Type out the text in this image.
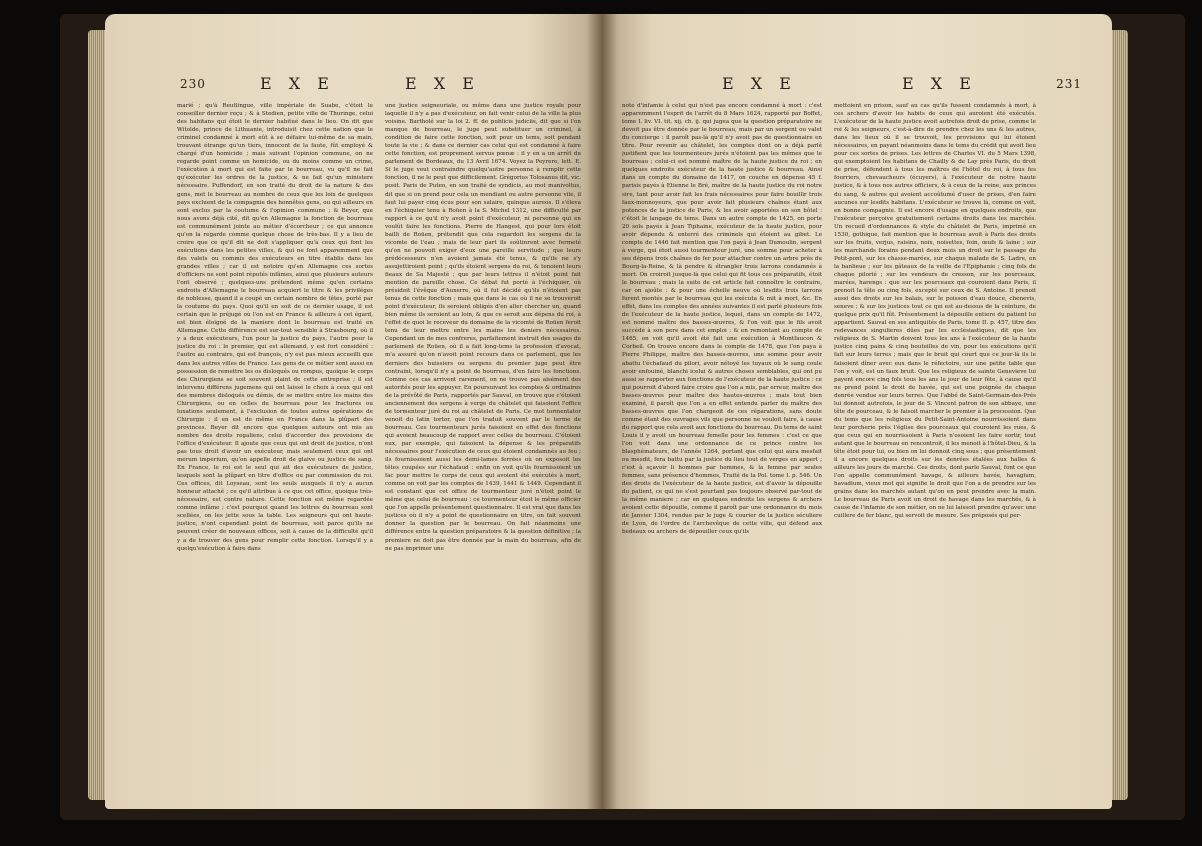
230	E X E	E X E
marié ; qu'à Reutlingue, ville impériale de Suabe, c'étoit le conseiller dernier reçu ; & à Stedien, petite ville de Thuringe, celui des habitans qui étoit le dernier habitué dans le lieu. On dit que Witolde, prince de Lithuanie, introduisit chez cette nation que le criminel condamné à mort eût à se défaire lui-même de sa main, trouvant étrange qu'un tiers, innocent de la faute, fût employé & chargé d'un homicide ; mais suivant l'opinion commune, on ne regarde point comme un homicide, ou du moins comme un crime, l'exécution à mort qui est faite par le bourreau, vu qu'il ne fait qu'exécuter les ordres de la justice, & ne fait qu'un ministere nécessaire. Puffendorf, en son traité du droit de la nature & des gens, met le bourreau au nombre de ceux que les loix de quelques pays excluent de la compagnie des honnêtes gens, ou qui ailleurs en sont exclus par la coutume & l'opinion commune ; & Beyer, que nous avons déjà cité, dit qu'en Allemagne la fonction de bourreau est communément jointe au métier d'écorcheur ; ce qui annonce qu'on la regarde comme quelque chose de très-bas. Il y a lieu de croire que ce qu'il dit ne doit s'appliquer qu'à ceux qui font les exécutions dans les petites villes, & qui ne font apparemment que des valets ou commis des exécuteurs en titre établis dans les grandes villes ; car il est notoire qu'en Allemagne ces sortes d'officiers ne sont point réputés infâmes, ainsi que plusieurs auteurs l'ont observé ; quelques-uns prétendent même qu'en certains endroits d'Allemagne le bourreau acquiert le titre & les priviléges de noblesse, quand il a coupé un certain nombre de têtes, porté par la coutume du pays. Quoi qu'il en soit de ce dernier usage, il est certain que le préjugé où l'on est en France & ailleurs à cet égard, est bien éloigné de la maniere dont le bourreau est traité en Allemagne. Cette différence est sur-tout sensible à Strasbourg, où il y a deux exécuteurs, l'un pour la justice du pays, l'autre pour la justice du roi : le premier, qui est allemand, y est fort considéré : l'autre au contraire, qui est françois, n'y est pas mieux accueilli que dans les autres villes de France. Les gens de ce métier sont aussi en possession de remettre les os disloqués ou rompus, quoique le corps des Chirurgiens se soit souvent plaint de cette entreprise ; il est intervenu différens jugemens qui ont laissé le choix à ceux qui ont des membres disloqués ou démis, de se mettre entre les mains des Chirurgiens, ou en celles du bourreau pour les fractures ou luxations seulement, à l'exclusion de toutes autres opérations de Chirurgie : il en est de même en France dans la plûpart des provinces. Beyer dit encore que quelques auteurs ont mis au nombre des droits regaliens, celui d'accorder des provisions de l'office d'exécuteur. Il ajoute que ceux qui ont droit de justice, n'ont pas tous droit d'avoir un exécuteur, mais seulement ceux qui ont merum imperium, qu'on appelle droit de glaive ou justice de sang. En France, le roi est le seul qui ait des exécuteurs de justice, lesquels sont la plûpart en titre d'office ou par commission du roi. Ces offices, dit Loyseau, sont les seuls auxquels il n'y a aucun honneur attaché ; ce qu'il attribue à ce que cet office, quoique très-nécessaire, est contre nature. Cette fonction est même regardée comme infâme ; c'est pourquoi quand les lettres du bourreau sont scellées, on les jette sous la table. Les seigneurs qui ont haute-justice, n'ont cependant point de bourreau, soit parce qu'ils ne peuvent créer de nouveaux offices, soit à cause de la difficulté qu'il y a de trouver des gens pour remplir cette fonction. Lorsqu'il y a quelqu'exécution à faire dans
une justice seigneuriale, ou même dans une justice royale pour laquelle il n'y a pas d'exécuteur, on fait venir celui de la ville la plus voisine. Bartholé sur la loi 2. ff. de publicis judiciis, dit que si l'on manque de bourreau, le juge peut substituer un criminel, à condition de faire cette fonction, soit pour un tems, soit pendant toute la vie ; & dans ce dernier cas celui qui est condamné à faire cette fonction, est proprement servus pœnæ : il y en a un arrêt du parlement de Bordeaux, du 13 Avril 1674. Voyez la Peyrere, lett. E. Si le juge veut contraindre quelqu'autre personne à remplir cette fonction, il ne le peut que difficilement. Grégorius Tolosanus dit, vic. posit. Paris de Puteo, en son traité de syndicis, au mot manivoltus, dit que si on prend pour cela un mendiant ou autre personne vile, il faut lui payer cinq écus pour son salaire, quinque aureos. Il s'éleva en l'échiquier tenu à Roüen à la S. Michel 1312, une difficulté par rapport à ce qu'il n'y avoit point d'exécuteur, ni personne qui en voulût faire les fonctions. Pierre de Hangest, qui pour lors étoit bailli de Roüen, prétendit que cela regardoit les sergens de la vicomte de l'eau ; mais de leur part ils soûtinrent avec fermeté qu'on ne pouvoit exiger d'eux une pareille servitude ; que leurs prédécesseurs n'en avoient jamais été tenus, & qu'ils ne s'y assujettiroient point ; qu'ils étoient sergens du roi, & tenoient leurs fieaux de Sa Majesté ; que par leurs lettres il n'étoit point fait mention de pareille chose. Ce débat fut porté à l'échiquier, où présidoit l'évêque d'Auxerre, où il fut décidé qu'ils n'étoient pas tenus de cette fonction ; mais que dans le cas où il ne se trouveroit point d'exécuteur, ils seroient obligés d'en aller chercher un, quand bien même ils seroient au loin, & que ce seroit aux dépens du roi, à l'effet de quoi le receveur du domaine de la vicomté de Roüen feroit tenu de leur mettre entre les mains les deniers nécessaires. Cependant un de mes confreres, parfaitement instruit des usages du parlement de Roüen, où il a fait long-tems la profession d'avocat, m'a assuré qu'on n'avoit point recours dans ce parlement, que les derniers des huissiers ou sergens du premier juge peut être contraint, lorsqu'il n'y a point de bourreau, d'en faire les fonctions. Comme ces cas arrivent rarement, on ne trouve pas aisément des autorités pour les appuyer. En poursuivant les comptes & ordinaires de la prévôté de Paris, rapportés par Sauval, on trouve que c'étoient anciennement des sergens à verge du châtelet qui faisoient l'office de tormenteur juré du roi au châtelet de Paris. Ce mot tormentator venoit du latin tortor, que l'on traduit souvent par le terme de bourreau. Ces tourmenteurs jurés faisoient en effet des fonctions qui avoient beaucoup de rapport avec celles du bourreau. C'étoient eux, par exemple, qui faisoient la dépense & les préparatifs nécessaires pour l'exécution de ceux qui étoient condamnés au feu ; ils fournissoient aussi les demi-lames ferrées où on exposoit les têtes coupées sur l'échafaud : enfin on voit qu'ils fournissoient un fac pour mettre le corps de ceux qui avoient été exécutés à mort, comme on voit par les comptes de 1439, 1441 & 1449. Cependant il est constant que cet office de tourmenteur juré n'étoit point le même que celui de bourreau : ce tourmenteur étoit le même officier que l'on appelle présentement questionnaire. Il est vrai que dans les justices où il n'y a point de questionnaire en titre, on fait souvent donner la question par le bourreau. On fait néanmoins une différence entre la question préparatoire & la question définitive ; la premiere ne doit pas être donnée par la main du bourreau, afin de ne pas imprimer une
E X E	E X E	231
note d'infamie à celui qui n'est pas encore condamné à mort : c'est apparemment l'esprit de l'arrêt du 8 Mars 1624, rapporté par Boffet, tome I. liv. VI. tit. xij. ch. ij. qui jugea que la question préparatoire ne devoit pas être donnée par le bourreau, mais par un sergent ou valet du concierge : il paroît pas-là qu'il n'y avoit pas de questionnaire en titre. Pour revenir au châtelet, les comptes dont on a déjà parlé justifient que les tourmenteurs jurés n'étoient pas les mêmes que le bourreau ; celui-ci est nommé maître de la haute justice du roi ; en quelques endroits exécuteur de la haute justice & bourreau. Ainsi dans un compte du domaine de 1417, on couche en dépense 45 f. parisis payés à Etienne le Bré, maître de la haute justice du roi notre sire, tant pour avoir fait les frais nécessaires pour faire bouillir trois faux-monnoyeurs, que pour avoir fait plusieurs chaînes étant aux potences de la justice de Paris, & les avoir apportées en son hôtel : c'étoit le langage du tems. Dans un autre compte de 1425, on porte 20 sols payés à Jean Tiphaine, exécuteur de la haute justice, pour avoir dépendu & enterré des criminels qui étoient au gibet. Le compte de 1446 fait mention que l'on payà à Jean Dumoulin, sergent à verge, qui étoit aussi tourmenteur juré, une somme pour acheter à ses dépens trois chaînes de fer pour attacher contre un arbre près du Bourg-la-Reine, & là pendre & étrangler trois larrons condamnés à mort. On croiroit jusque-là que celui qui fit tous ces préparatifs, étoit le bourreau ; mais la suite de cet article fait connoître le contraire, car on ajoûte : & pour une échelle neuve où lesdits trois larrons furent montés par le bourreau qui les exécuta & mit à mort, &c. En effet, dans les comptes des années suivantes il est parlé plusieurs fois de l'exécuteur de la haute justice, lequel, dans un compte de 1472, est nommé maître des basses-œuvres, & l'on voit que le fils avoit succédé à son pere dans cet emploi : & en remontant au compte de 1465, on voit qu'il avoit été fait une exécution à Montfaucon & Corbeil. On trouve encore dans le compte de 1478, que l'on paya à Pierre Philippe, maître des basses-œuvres, une somme pour avoir abattu l'échafaud du pilori, avoir nétoyé les tuyaux où le sang coule avoir enfouiné, blanchi icelui & autres choses semblables, qui ont pu aussi se rapporter aux fonctions de l'exécuteur de la haute justice : ce qui pourroit d'abord faire croire que l'on a mis, par erreur, maître des basses-œuvres pour maître des hautes-œuvres ; mais tout bien examiné, il paroît que l'on a en effet entendu parler du maître des basses-œuvres que l'on chargeoit de ces réparations, sans doute comme étant des ouvrages vils que personne ne vouloit faire, à cause du rapport que cela avoit aux fonctions du bourreau. Du tems de saint Louis il y avoit un bourreau femelle pour les femmes : c'est ce que l'on voit dans une ordonnance de ce prince contre les blasphémateurs, de l'année 1264, portant que celui qui aura mesfait ou mesdit, fera battu par la justice du lieu tout de verges en appert ; c'est à sçavoir li hommes par hommes, & la femme par seules femmes, sans présence d'hommes, Traité de la Pol. tome I. p. 546. Un des droits de l'exécuteur de la haute justice, est d'avoir la dépouille du patient, ce qui ne s'est pourtant pas toujours observé par-tout de la même maniere ; car en quelques endroits les sergens & archers avoient cette dépouille, comme il paroît par une ordonnance du mois de Janvier 1304, rendue par le juge & courier de la justice séculiere de Lyon, de l'ordre de l'archevêque de cette ville, qui défend aux bedeaux ou archers de dépouiller ceux qu'ils
mettoient en prison, sauf au cas qu'ils fussent condamnés à mort, à ces archers d'avoir les habits de ceux qui auroient été exécutés. L'exécuteur de la haute justice avoit autrefois droit de prise, comme le roi & les seigneurs, c'est-à-dire de prendre chez les uns & les autres, dans les lieux où il se trouvoit, les provisions qui lui étoient nécessaires, en payant néanmoins dans le tems du crédit qui avoit lieu pour ces sortes de prises. Les lettres de Charles VI. du 5 Mars 1398, qui exemptoient les habitans de Chailly & de Lay près Paris, du droit de prise, défendent à tous les maîtres de l'hôtel du roi, à tous fes fourriers, chevaucheurs (écuyers), à l'exécuteur de notre haute justice, & à tous nos autres officiers, & à ceux de la reine, aux princes du sang, & autres qui avoient accoûtumé d'user de prises, d'en faire aucunes sur lesdits habitans. L'exécuteur se trouve là, comme on voit, en bonne compagnie. Il est encore d'usage en quelques endroits, que l'exécuteur perçoive gratuitement certains droits dans les marchés. Un recueil d'ordonnances & style du châtelet de Paris, imprimé en 1530, gothique, fait mention que le bourreau avoit à Paris des droits sur les fruits, verjus, raisins, noix, noisettes, foin, œufs & laine ; sur les marchands forains pendant deux mois un droit sur le passage du Petit-pont, sur les chasse-marées, sur chaque malade de S. Ladre, en la banlieue ; sur les gâteaux de la veille de l'Epiphanie ; cinq fols de chaque pilorié ; sur les vendeurs de cresson, sur les pourceaux, marées, harengs : que sur les pourceaux qui couroient dans Paris, il prenoit la tête ou cinq fols, excepté sur ceux de S. Antoine. Il prenoit aussi des droits sur les balais, sur le poisson d'eau douce, chenevis, seneve ; & sur les justices tout ce qui est au-dessus de la ceinture, de quelque prix qu'il fût. Présentement la dépouille entiere du patient lui appartient. Sauval en ses antiquités de Paris, tome II. p. 457, titre des redevances singulieres dûes par les ecclésiastiques, dit que les religieux de S. Martin doivent tous les ans à l'exécuteur de la haute justice cinq pains & cinq bouteilles de vin, pour les exécutions qu'il fait sur leurs terres ; mais que le bruit qui court que ce jour-là ils le faisoient dîner avec eux dans le réfectoire, sur une petite table que l'on y voit, est un faux bruit. Que les religieux de sainte Genevieve lui payent encore cinq fols tous les ans le jour de leur fête, à cause qu'il ne prend point le droit de havée, qui est une poignée de chaque denrée vendue sur leurs terres. Que l'abbé de Saint-Germain-des-Prés lui donnoit autrefois, le jour de S. Vincent patron de son abbaye, une tête de pourceau, & le faisoit marcher le premier à la procession. Que du tems que les religieux du Petit-Saint-Antoine nourrissoient dans leur porcherie près l'église des pourceaux qui couroient les rues, & que ceux qui en nourrissoient à Paris n'osoient les faire sortir, tout autant que le bourreau en rencontroit, il les menoit à l'hôtel-Dieu, & la tête étoit pour lui, ou bien on lui donnoit cinq sous ; que présentement il a encore quelques droits sur les denrées étalées aux halles & ailleurs les jours de marché. Ces droits, dont parle Sauval, font ce que l'on appelle communément havage, & ailleurs havée, havagium, havadium, vieux mot qui signifie le droit que l'on a de prendre sur les grains dans les marchés autant qu'on en peut prendre avec la main. Le bourreau de Paris avoit un droit de havage dans les marchés, & à cause de l'infamie de son métier, on ne lui laissoit prendre qu'avec une cuillere de fer blanc, qui servoit de mesure. Ses préposés qui per-
